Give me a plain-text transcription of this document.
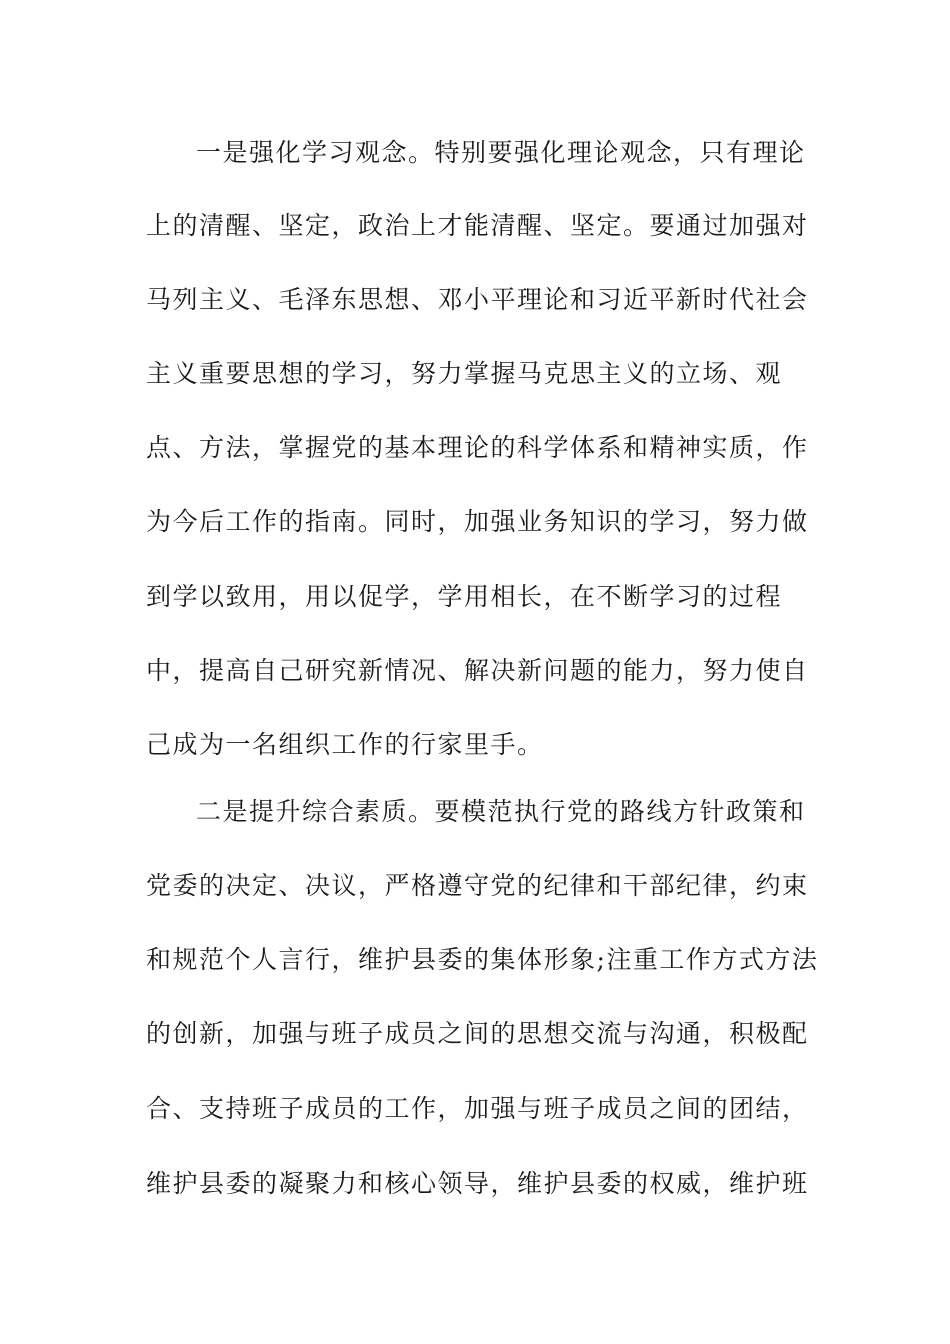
一是强化学习观念。特别要强化理论观念，只有理论
上的清醒、坚定，政治上才能清醒、坚定。要通过加强对
马列主义、毛泽东思想、邓小平理论和习近平新时代社会
主义重要思想的学习，努力掌握马克思主义的立场、观
点、方法，掌握党的基本理论的科学体系和精神实质，作
为今后工作的指南。同时，加强业务知识的学习，努力做
到学以致用，用以促学，学用相长，在不断学习的过程
中，提高自己研究新情况、解决新问题的能力，努力使自
己成为一名组织工作的行家里手。
二是提升综合素质。要模范执行党的路线方针政策和
党委的决定、决议，严格遵守党的纪律和干部纪律，约束
和规范个人言行，维护县委的集体形象;注重工作方式方法
的创新，加强与班子成员之间的思想交流与沟通，积极配
合、支持班子成员的工作，加强与班子成员之间的团结，
维护县委的凝聚力和核心领导，维护县委的权威，维护班
